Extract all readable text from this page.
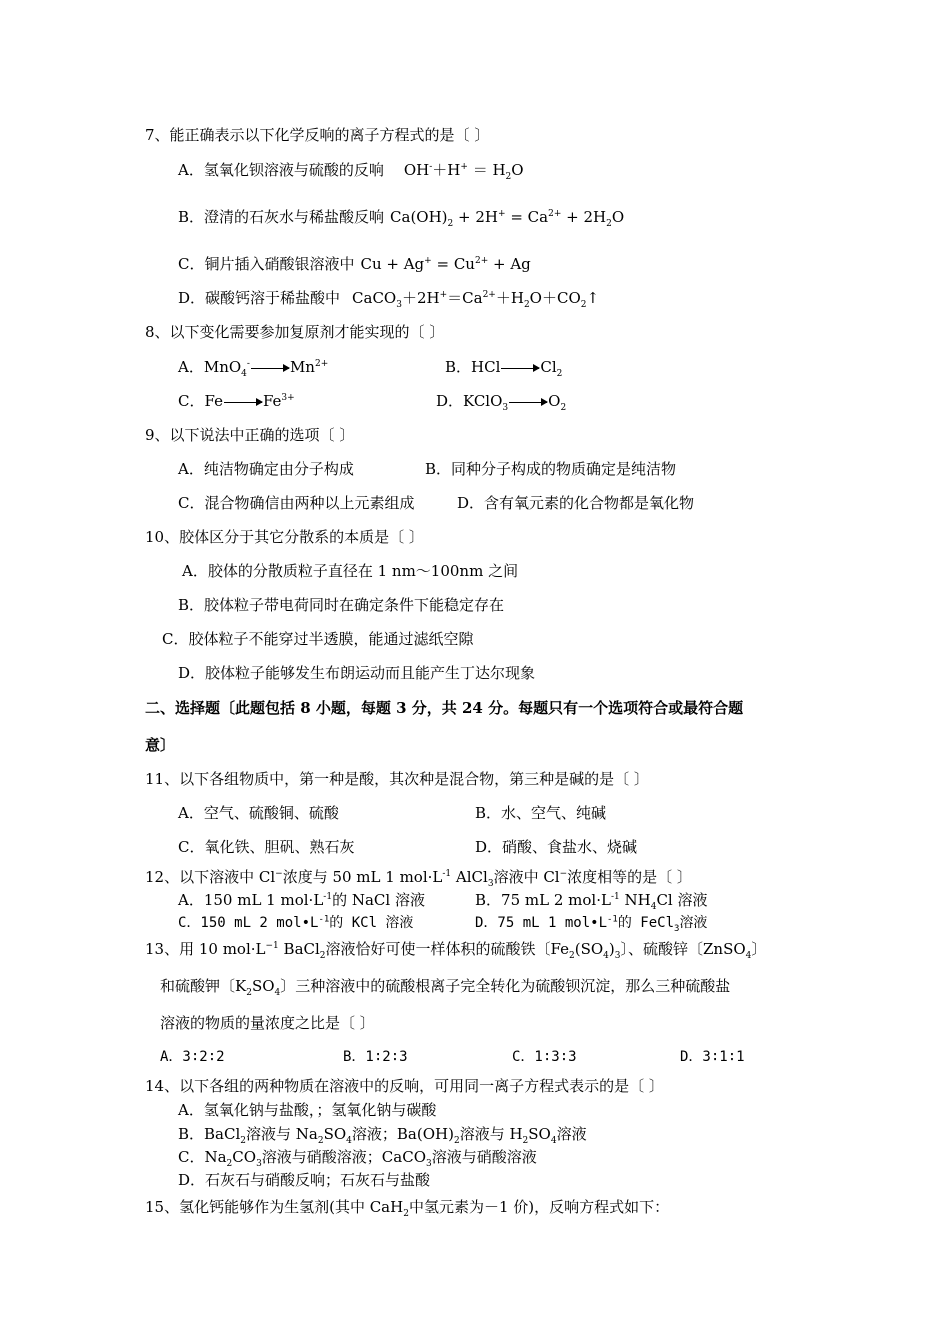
7、能正确表示以下化学反响的离子方程式的是〔 〕
A．氢氧化钡溶液与硫酸的反响 $OH^-+H^+ = H_2O$
B．澄清的石灰水与稀盐酸反响 $Ca(OH)_2 + 2H^+ = Ca^{2+} + 2H_2O$
C．铜片插入硝酸银溶液中 $Cu + Ag^+ = Cu^{2+} + Ag$
D．碳酸钙溶于稀盐酸中 $CaCO_3+2H^+=Ca^{2+}+H_2O+CO_2↑$
8、以下变化需要参加复原剂才能实现的〔 〕
A．$MnO_4^-\to Mn^{2+}$	B．$HCl\to Cl_2$
C．$Fe\to Fe^{3+}$	D．KClO$_3$ $\to O_2$
9、以下说法中正确的选项〔 〕
A．纯洁物确定由分子构成	B．同种分子构成的物质确定是纯洁物
C．混合物确信由两种以上元素组成	D．含有氧元素的化合物都是氧化物
10、胶体区分于其它分散系的本质是〔 〕
A．胶体的分散质粒子直径在 1 nm～100nm 之间
B．胶体粒子带电荷同时在确定条件下能稳定存在
C．胶体粒子不能穿过半透膜，能通过滤纸空隙
D．胶体粒子能够发生布朗运动而且能产生丁达尔现象
二、选择题〔此题包括 8 小题，每题 3 分，共 24 分。每题只有一个选项符合或最符合题
意〕
11、以下各组物质中，第一种是酸，其次种是混合物，第三种是碱的是〔 〕
A．空气、硫酸铜、硫酸	B．水、空气、纯碱
C．氧化铁、胆矾、熟石灰	D．硝酸、食盐水、烧碱
12、以下溶液中 Cl−浓度与 50 mL 1 $mol\cdot L^{-1}$ AlCl$_3$溶液中 Cl−浓度相等的是〔 〕
A．150 mL 1 $mol\cdot L^{-1}$的 NaCl 溶液	B．75 mL 2 $mol\cdot L^{-1}$ $NH_4Cl$ 溶液
C．150 mL 2 $mol•L^{-1}$的 KCl 溶液	D．75 mL 1 $mol•L^{-1}$的 FeCl$_3$溶液
13、用 10 $mol\cdot L^{-1}$ BaCl$_2$溶液恰好可使一样体积的硫酸铁〔$Fe_2(SO_4)_3$〕、硫酸锌〔ZnSO$_4$〕
和硫酸钾〔$K_2SO_4$〕三种溶液中的硫酸根离子完全转化为硫酸钡沉淀，那么三种硫酸盐
溶液的物质的量浓度之比是〔 〕
A．3∶2∶2	B．1∶2∶3	C．1∶3∶3	D．3∶1∶1
14、以下各组的两种物质在溶液中的反响，可用同一离子方程式表示的是〔 〕
A．氢氧化钠与盐酸，；氢氧化钠与碳酸
B．BaCl$_2$溶液与 $Na_2SO_4$溶液；$Ba(OH)_2$溶液与 $H_2SO_4$溶液
C．$Na_2CO_3$溶液与硝酸溶液；CaCO$_3$溶液与硝酸溶液
D．石灰石与硝酸反响；石灰石与盐酸
15、氢化钙能够作为生氢剂(其中 CaH$_2$中氢元素为－1 价)，反响方程式如下：
